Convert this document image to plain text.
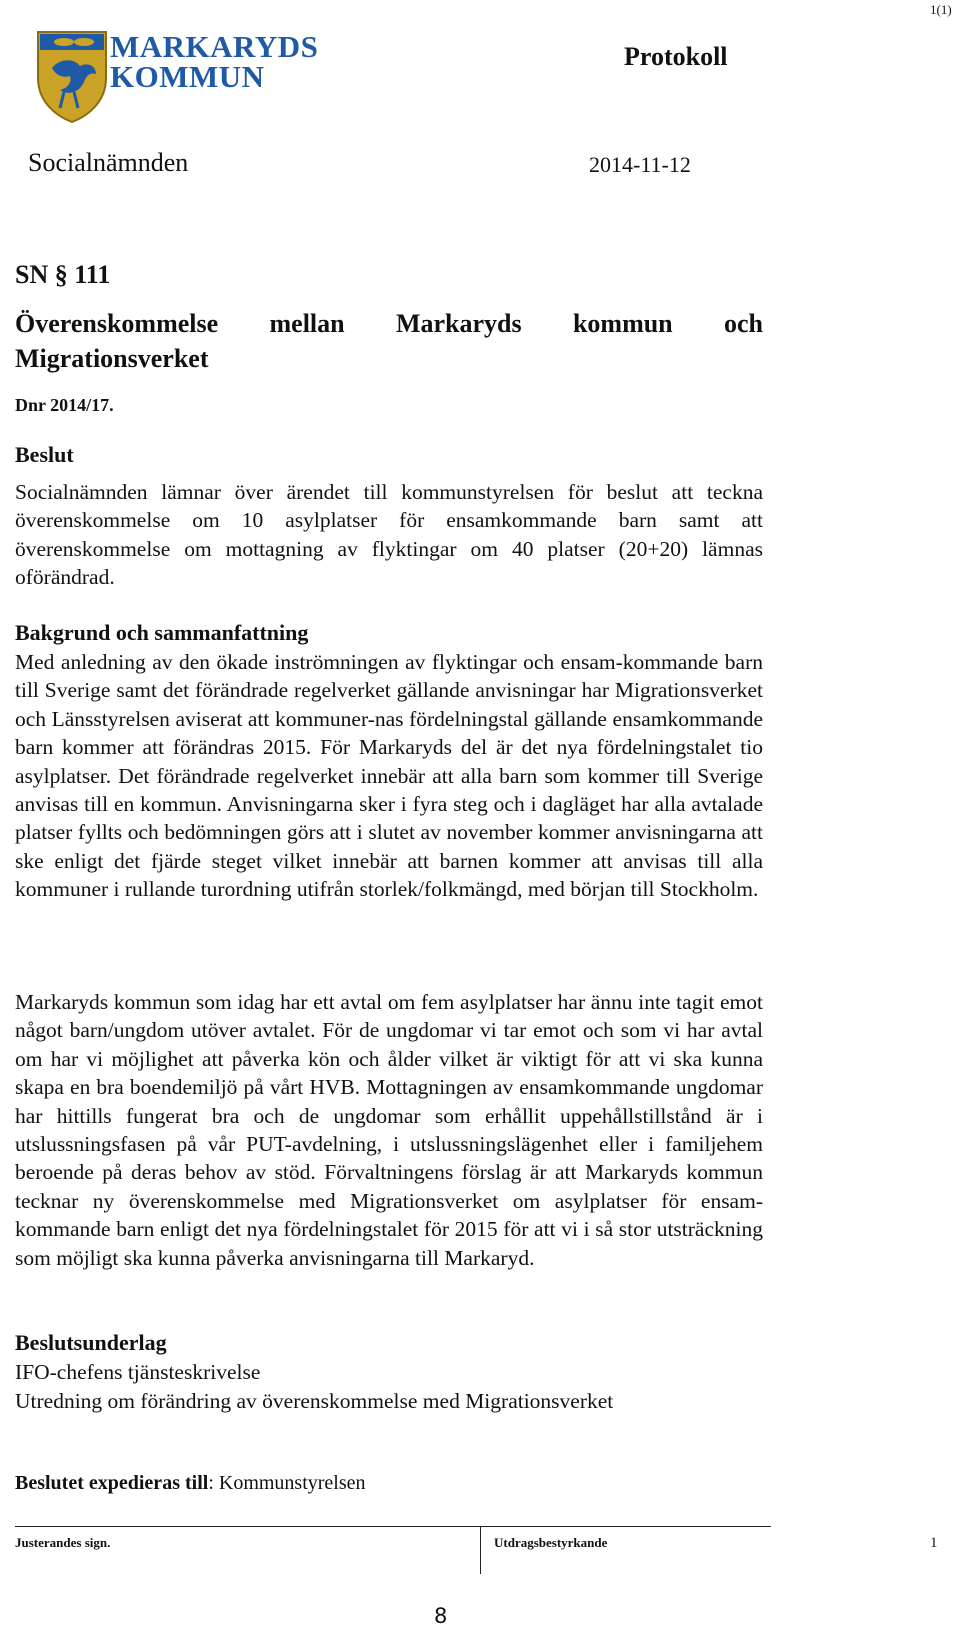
1(1)
MARKARYDS
KOMMUN
Protokoll
Socialnämnden	2014-11-12
SN § 111
Överenskommelse mellan Markaryds kommun och
Migrationsverket
Dnr 2014/17.
Beslut
Socialnämnden lämnar över ärendet till kommunstyrelsen för beslut att teckna överenskommelse om 10 asylplatser för ensamkommande barn samt att överenskommelse om mottagning av flyktingar om 40 platser (20+20) lämnas oförändrad.
Bakgrund och sammanfattning
Med anledning av den ökade inströmningen av flyktingar och ensam-kommande barn till Sverige samt det förändrade regelverket gällande anvisningar har Migrationsverket och Länsstyrelsen aviserat att kommuner-nas fördelningstal gällande ensamkommande barn kommer att förändras 2015. För Markaryds del är det nya fördelningstalet tio asylplatser. Det förändrade regelverket innebär att alla barn som kommer till Sverige anvisas till en kommun. Anvisningarna sker i fyra steg och i dagläget har alla avtalade platser fyllts och bedömningen görs att i slutet av november kommer anvisningarna att ske enligt det fjärde steget vilket innebär att barnen kommer att anvisas till alla kommuner i rullande turordning utifrån storlek/folkmängd, med början till Stockholm.
Markaryds kommun som idag har ett avtal om fem asylplatser har ännu inte tagit emot något barn/ungdom utöver avtalet. För de ungdomar vi tar emot och som vi har avtal om har vi möjlighet att påverka kön och ålder vilket är viktigt för att vi ska kunna skapa en bra boendemiljö på vårt HVB. Mottagningen av ensamkommande ungdomar har hittills fungerat bra och de ungdomar som erhållit uppehållstillstånd är i utslussningsfasen på vår PUT-avdelning, i utslussningslägenhet eller i familjehem beroende på deras behov av stöd. Förvaltningens förslag är att Markaryds kommun tecknar ny överenskommelse med Migrationsverket om asylplatser för ensam-kommande barn enligt det nya fördelningstalet för 2015 för att vi i så stor utsträckning som möjligt ska kunna påverka anvisningarna till Markaryd.
Beslutsunderlag
IFO-chefens tjänsteskrivelse
Utredning om förändring av överenskommelse med Migrationsverket
Beslutet expedieras till: Kommunstyrelsen
Justerandes sign.	Utdragsbestyrkande	1
8
